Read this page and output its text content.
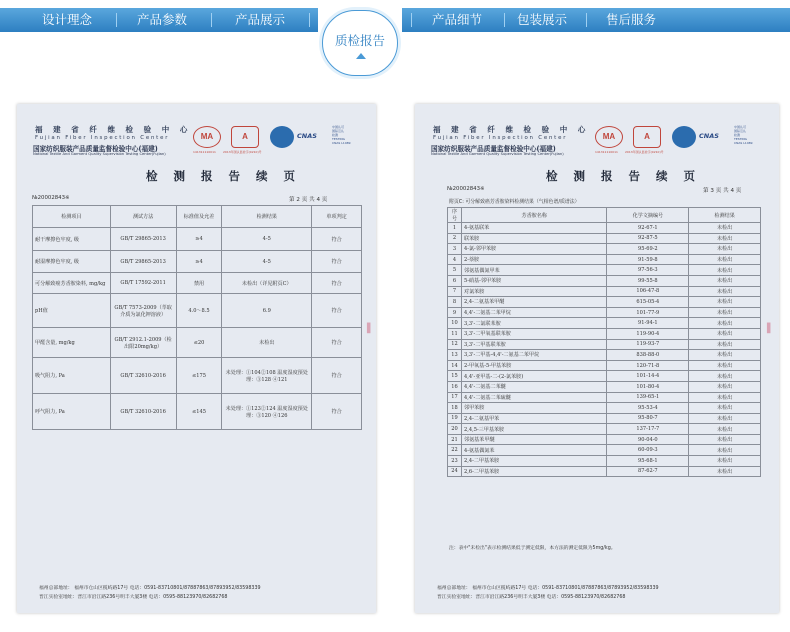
设计理念	产品参数	产品展示	产品细节	包装展示	售后服务
质检报告
福 建 省 纤 维 检 验 中 心
Fujian Fiber Inspection Center
国家纺织服装产品质量监督检验中心(福建)
National Textile And Garment Quality Supervision Testing Center(Fujian)
MA
141311110011
A
2013年国认监检字(0210)号
CNAS
中国认可
国际互认
检测
TESTING
CNAS L1989
检 测 报 告 续 页
№20002843※	第 2 页 共 4 页
检测项目	测试方法	标准值及允差	检测结果	单项判定
耐干摩擦色牢度, 级	GB/T 29865-2013	≥4	4-5	符合
耐湿摩擦色牢度, 级	GB/T 29865-2013	≥4	4-5	符合
可分解致癌芳香胺染料, mg/kg	GB/T 17592-2011	禁用	未检出（详见附页C）	符合
pH值	GB/T 7573-2009（萃取介质为氯化钾溶液）	4.0～8.5	6.9	符合
甲醛含量, mg/kg	GB/T 2912.1-2009（检出限20mg/kg）	≤20	未检出	符合
吸气阻力, Pa	GB/T 32610-2016	≤175	未处理：①104②108 温度湿度预处理：③128 ④121	符合
呼气阻力, Pa	GB/T 32610-2016	≤145	未处理：①123②124 温度湿度预处理：③120 ④126	符合
▌
福州总部地址： 福州市仓山区揽屿路17号 电话：0591-83710801/87887863/87893952/83598339
晋江实验室地址：晋江市沿江路236号明丰大厦3楼 电话：0595-88123970/82682768
福 建 省 纤 维 检 验 中 心
Fujian Fiber Inspection Center
国家纺织服装产品质量监督检验中心(福建)
National Textile And Garment Quality Supervision Testing Center(Fujian)
MA
141311110011
A
2013年国认监检字(0210)号
CNAS
中国认可
国际互认
检测
TESTING
CNAS L1989
检 测 报 告 续 页
№20002843※	第 3 页 共 4 页
附页C: 可分解致癌芳香胺染料检测结果（气相色谱/质谱法）
序号	芳香胺名称	化学文摘编号	检测结果
1	4-氨基联苯	92-67-1	未检出
2	联苯胺	92-87-5	未检出
3	4-氯-邻甲苯胺	95-69-2	未检出
4	2-萘胺	91-59-8	未检出
5	邻氨基偶氮甲苯	97-56-3	未检出
6	5-硝基-邻甲苯胺	99-55-8	未检出
7	对氯苯胺	106-47-8	未检出
8	2,4-二氨基苯甲醚	615-05-4	未检出
9	4,4'-二氨基二苯甲烷	101-77-9	未检出
10	3,3'-二氯联苯胺	91-94-1	未检出
11	3,3'-二甲氧基联苯胺	119-90-4	未检出
12	3,3'-二甲基联苯胺	119-93-7	未检出
13	3,3'-二甲基-4,4'-二氨基二苯甲烷	838-88-0	未检出
14	2-甲氧基-5-甲基苯胺	120-71-8	未检出
15	4,4'-亚甲基-二-(2-氯苯胺)	101-14-4	未检出
16	4,4'-二氨基二苯醚	101-80-4	未检出
17	4,4'-二氨基二苯硫醚	139-65-1	未检出
18	邻甲苯胺	95-53-4	未检出
19	2,4-二氨基甲苯	95-80-7	未检出
20	2,4,5-三甲基苯胺	137-17-7	未检出
21	邻氨基苯甲醚	90-04-0	未检出
22	4-氨基偶氮苯	60-09-3	未检出
23	2,4-二甲基苯胺	95-68-1	未检出
24	2,6-二甲基苯胺	87-62-7	未检出
注：表中"未检出"表示检测结果低于测定低限，本方法的测定低限为5mg/kg。
▌
福州总部地址： 福州市仓山区揽屿路17号 电话：0591-83710801/87887863/87893952/83598339
晋江实验室地址：晋江市沿江路236号明丰大厦3楼 电话：0595-88123970/82682768
